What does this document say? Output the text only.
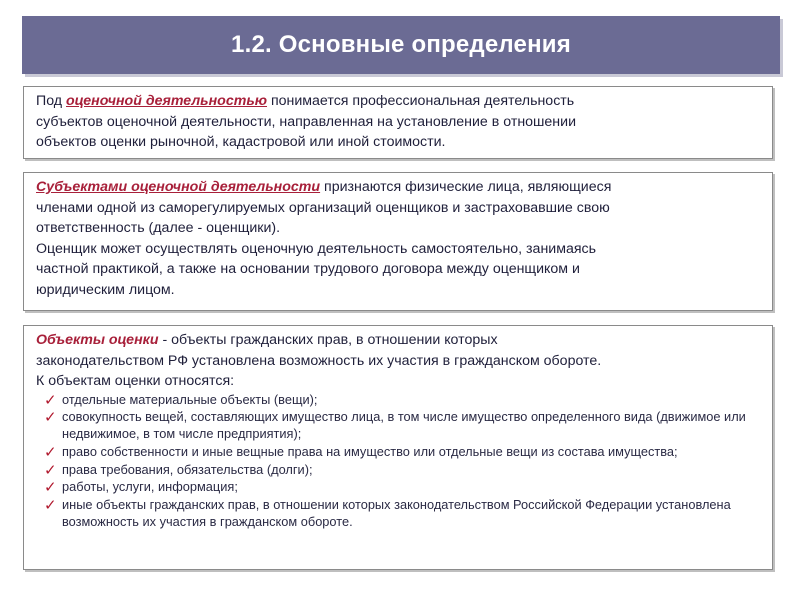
1.2. Основные определения

Под оценочной деятельностью понимается профессиональная деятельность

субъектов оценочной деятельности, направленная на установление в отношении

объектов оценки рыночной, кадастровой или иной стоимости.

Субъектами оценочной деятельности признаются физические лица, являющиеся

членами одной из саморегулируемых организаций оценщиков и застраховавшие свою

ответственность (далее - оценщики).

Оценщик может осуществлять оценочную деятельность самостоятельно, занимаясь

частной практикой, а также на основании трудового договора между оценщиком и

юридическим лицом.

Объекты оценки - объекты гражданских прав, в отношении которых

законодательством РФ установлена возможность их участия в гражданском обороте.

К объектам оценки относятся:

✓ отдельные материальные объекты (вещи);
✓ совокупность вещей, составляющих имущество лица, в том числе имущество определенного вида (движимое или недвижимое, в том числе предприятия);
✓ право собственности и иные вещные права на имущество или отдельные вещи из состава имущества;
✓ права требования, обязательства (долги);
✓ работы, услуги, информация;
✓ иные объекты гражданских прав, в отношении которых законодательством Российской Федерации установлена возможность их участия в гражданском обороте.
